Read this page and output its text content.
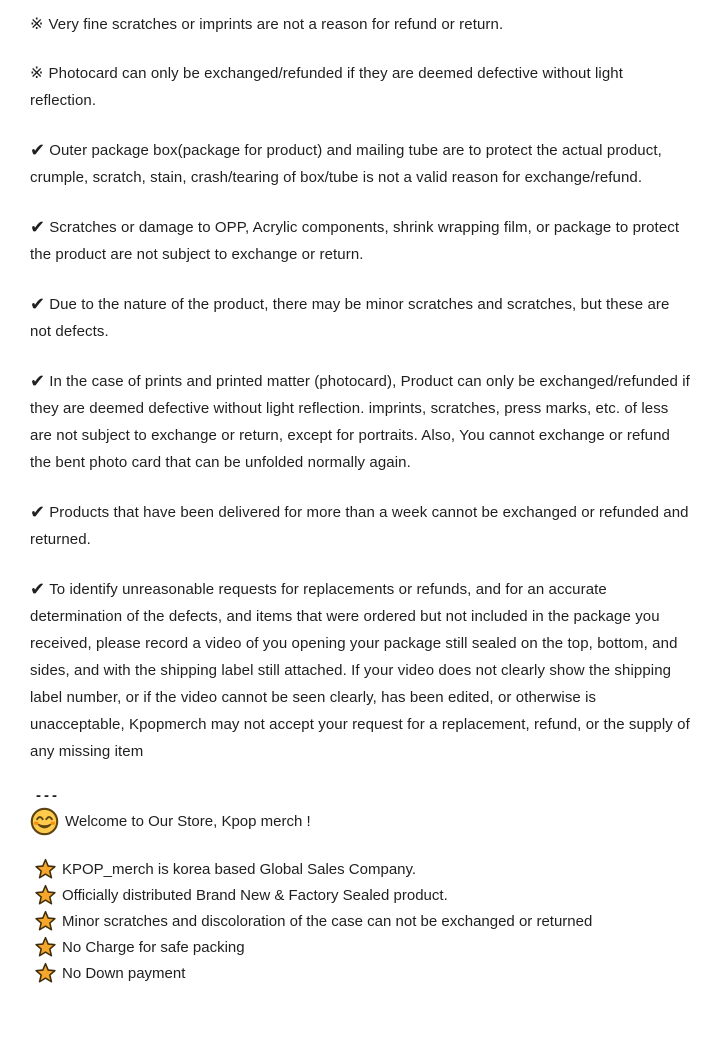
※ Very fine scratches or imprints are not a reason for refund or return.

※ Photocard can only be exchanged/refunded if they are deemed defective without light reflection.

✔ Outer package box(package for product) and mailing tube are to protect the actual product, crumple, scratch, stain, crash/tearing of box/tube is not a valid reason for exchange/refund.

✔ Scratches or damage to OPP, Acrylic components, shrink wrapping film, or package to protect the product are not subject to exchange or return.

✔ Due to the nature of the product, there may be minor scratches and scratches, but these are not defects.

✔ In the case of prints and printed matter (photocard), Product can only be exchanged/refunded if they are deemed defective without light reflection. imprints, scratches, press marks, etc. of less are not subject to exchange or return, except for portraits. Also, You cannot exchange or refund the bent photo card that can be unfolded normally again.

✔ Products that have been delivered for more than a week cannot be exchanged or refunded and returned.

✔ To identify unreasonable requests for replacements or refunds, and for an accurate determination of the defects, and items that were ordered but not included in the package you received, please record a video of you opening your package still sealed on the top, bottom, and sides, and with the shipping label still attached. If your video does not clearly show the shipping label number, or if the video cannot be seen clearly, has been edited, or otherwise is unacceptable, Kpopmerch may not accept your request for a replacement, refund, or the supply of any missing item

---
Welcome to Our Store, Kpop merch !
KPOP_merch is korea based Global Sales Company.
Officially distributed Brand New & Factory Sealed product.
Minor scratches and discoloration of the case can not be exchanged or returned
No Charge for safe packing
No Down payment
